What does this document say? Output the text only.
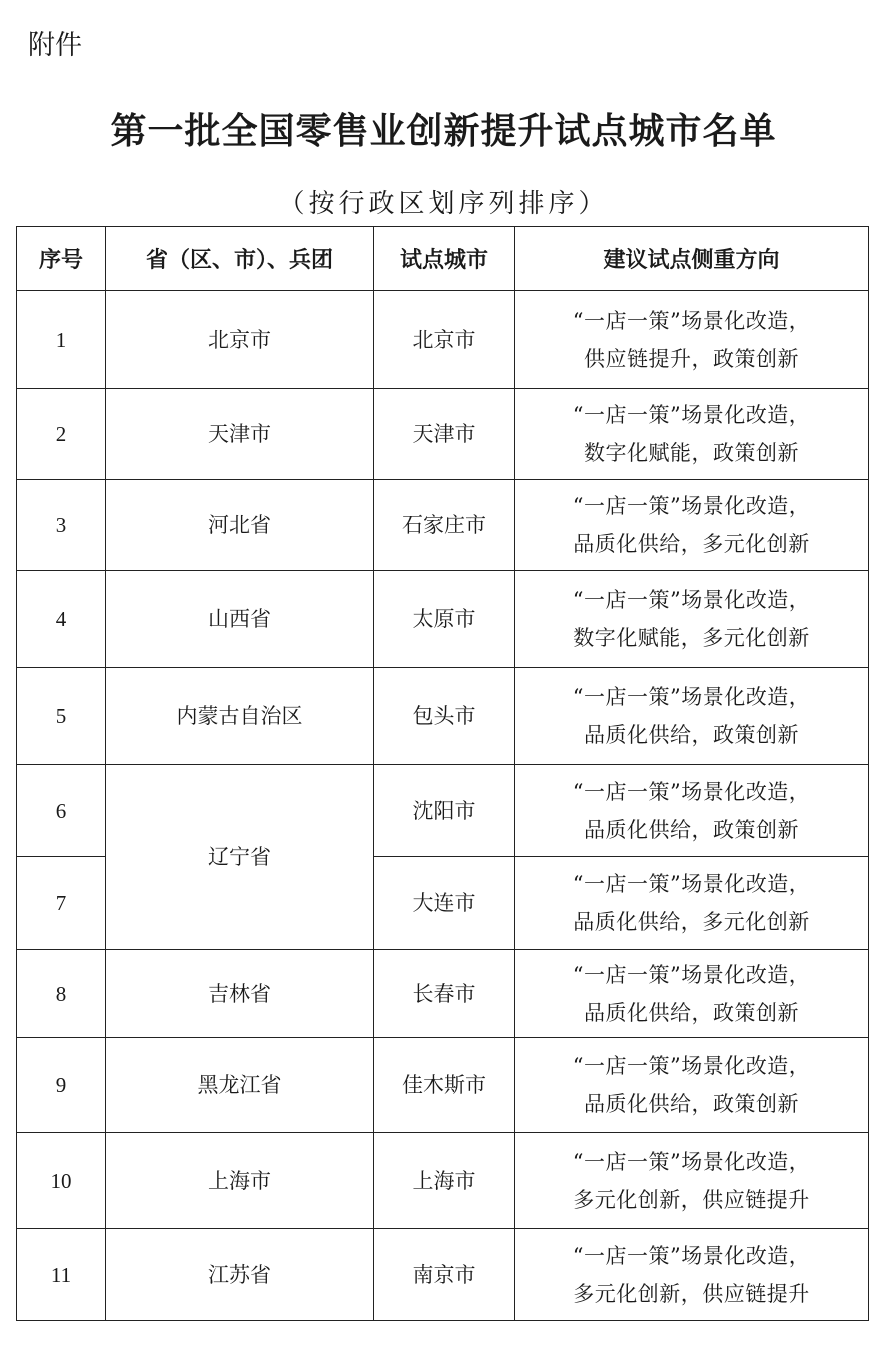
附件
第一批全国零售业创新提升试点城市名单
（按行政区划序列排序）
序号	省（区、市）、兵团	试点城市	建议试点侧重方向
1	北京市	北京市	“一店一策”场景化改造，
供应链提升，政策创新

2	天津市	天津市	“一店一策”场景化改造，
数字化赋能，政策创新

3	河北省	石家庄市	“一店一策”场景化改造，
品质化供给，多元化创新

4	山西省	太原市	“一店一策”场景化改造，
数字化赋能，多元化创新

5	内蒙古自治区	包头市	“一店一策”场景化改造，
品质化供给，政策创新

6	辽宁省	沈阳市	“一店一策”场景化改造，
品质化供给，政策创新

7		大连市	“一店一策”场景化改造，
品质化供给，多元化创新

8	吉林省	长春市	“一店一策”场景化改造，
品质化供给，政策创新

9	黑龙江省	佳木斯市	“一店一策”场景化改造，
品质化供给，政策创新

10	上海市	上海市	“一店一策”场景化改造，
多元化创新，供应链提升

11	江苏省	南京市	“一店一策”场景化改造，
多元化创新，供应链提升
